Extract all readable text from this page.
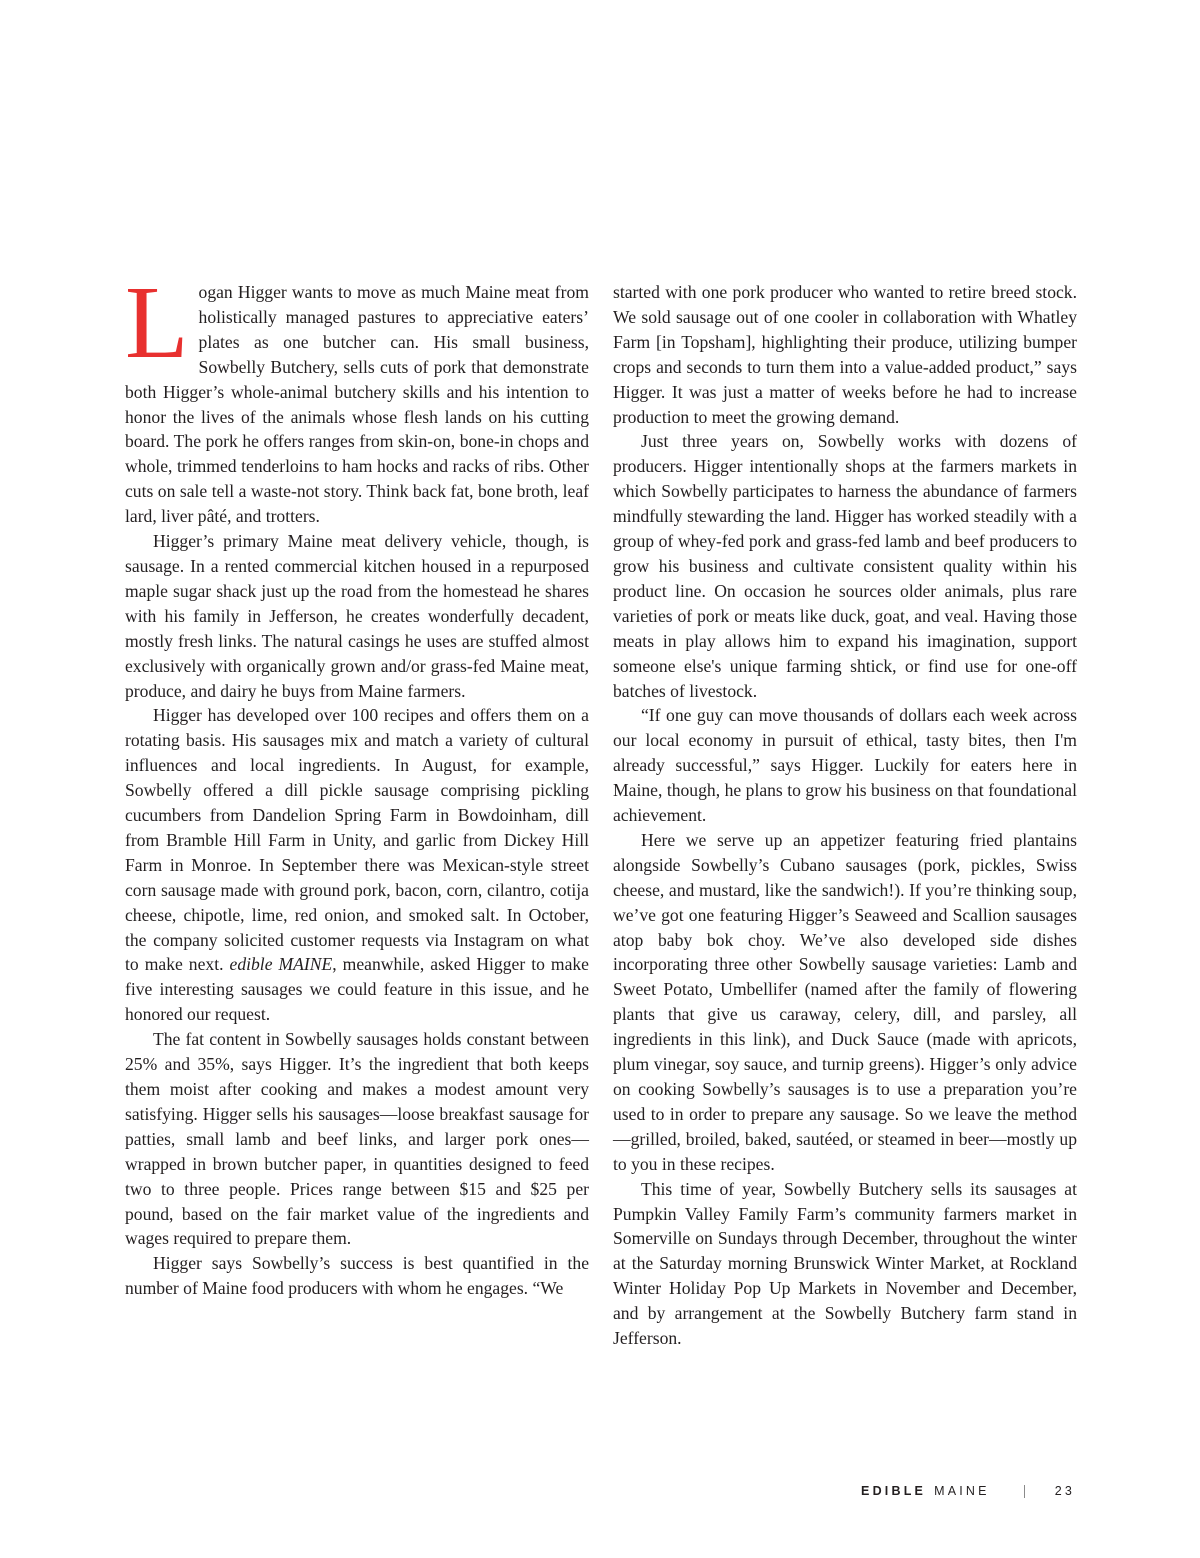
Logan Higger wants to move as much Maine meat from holistically managed pastures to appreciative eaters’ plates as one butcher can. His small business, Sowbelly Butchery, sells cuts of pork that demonstrate both Higger’s whole-animal butchery skills and his intention to honor the lives of the animals whose flesh lands on his cutting board. The pork he offers ranges from skin-on, bone-in chops and whole, trimmed tenderloins to ham hocks and racks of ribs. Other cuts on sale tell a waste-not story. Think back fat, bone broth, leaf lard, liver pâté, and trotters.

Higger’s primary Maine meat delivery vehicle, though, is sausage. In a rented commercial kitchen housed in a repurposed maple sugar shack just up the road from the homestead he shares with his family in Jefferson, he creates wonderfully decadent, mostly fresh links. The natural casings he uses are stuffed almost exclusively with organically grown and/or grass-fed Maine meat, produce, and dairy he buys from Maine farmers.

Higger has developed over 100 recipes and offers them on a rotating basis. His sausages mix and match a variety of cultural influences and local ingredients. In August, for example, Sowbelly offered a dill pickle sausage comprising pickling cucumbers from Dandelion Spring Farm in Bowdoinham, dill from Bramble Hill Farm in Unity, and garlic from Dickey Hill Farm in Monroe. In September there was Mexican-style street corn sausage made with ground pork, bacon, corn, cilantro, cotija cheese, chipotle, lime, red onion, and smoked salt. In October, the company solicited customer requests via Instagram on what to make next. edible MAINE, meanwhile, asked Higger to make five interesting sausages we could feature in this issue, and he honored our request.

The fat content in Sowbelly sausages holds constant between 25% and 35%, says Higger. It’s the ingredient that both keeps them moist after cooking and makes a modest amount very satisfying. Higger sells his sausages—loose breakfast sausage for patties, small lamb and beef links, and larger pork ones—wrapped in brown butcher paper, in quantities designed to feed two to three people. Prices range between $15 and $25 per pound, based on the fair market value of the ingredients and wages required to prepare them.

Higger says Sowbelly’s success is best quantified in the number of Maine food producers with whom he engages. “We

started with one pork producer who wanted to retire breed stock. We sold sausage out of one cooler in collaboration with Whatley Farm [in Topsham], highlighting their produce, utilizing bumper crops and seconds to turn them into a value-added product,” says Higger. It was just a matter of weeks before he had to increase production to meet the growing demand.

Just three years on, Sowbelly works with dozens of producers. Higger intentionally shops at the farmers markets in which Sowbelly participates to harness the abundance of farmers mindfully stewarding the land. Higger has worked steadily with a group of whey-fed pork and grass-fed lamb and beef producers to grow his business and cultivate consistent quality within his product line. On occasion he sources older animals, plus rare varieties of pork or meats like duck, goat, and veal. Having those meats in play allows him to expand his imagination, support someone else's unique farming shtick, or find use for one-off batches of livestock.

“If one guy can move thousands of dollars each week across our local economy in pursuit of ethical, tasty bites, then I'm already successful,” says Higger. Luckily for eaters here in Maine, though, he plans to grow his business on that foundational achievement.

Here we serve up an appetizer featuring fried plantains alongside Sowbelly’s Cubano sausages (pork, pickles, Swiss cheese, and mustard, like the sandwich!). If you’re thinking soup, we’ve got one featuring Higger’s Seaweed and Scallion sausages atop baby bok choy. We’ve also developed side dishes incorporating three other Sowbelly sausage varieties: Lamb and Sweet Potato, Umbellifer (named after the family of flowering plants that give us caraway, celery, dill, and parsley, all ingredients in this link), and Duck Sauce (made with apricots, plum vinegar, soy sauce, and turnip greens). Higger’s only advice on cooking Sowbelly’s sausages is to use a preparation you’re used to in order to prepare any sausage. So we leave the method—grilled, broiled, baked, sautéed, or steamed in beer—mostly up to you in these recipes.

This time of year, Sowbelly Butchery sells its sausages at Pumpkin Valley Family Farm’s community farmers market in Somerville on Sundays through December, throughout the winter at the Saturday morning Brunswick Winter Market, at Rockland Winter Holiday Pop Up Markets in November and December, and by arrangement at the Sowbelly Butchery farm stand in Jefferson.

EDIBLE MAINE	23
